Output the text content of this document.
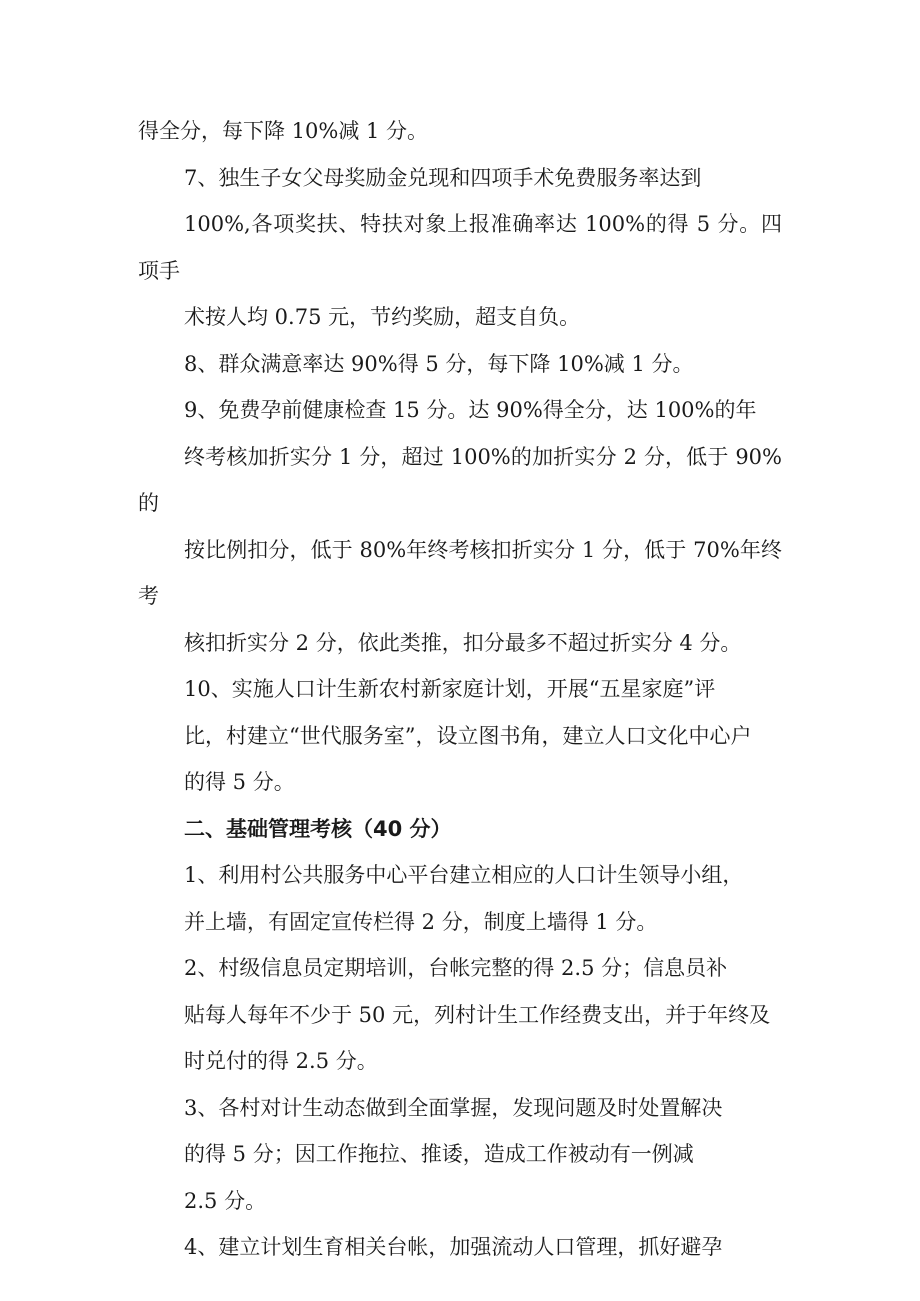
得全分，每下降 10%减 1 分。

7、独生子女父母奖励金兑现和四项手术免费服务率达到
100%,各项奖扶、特扶对象上报准确率达 100%的得 5 分。四项手
术按人均 0.75 元，节约奖励，超支自负。

8、群众满意率达 90%得 5 分，每下降 10%减 1 分。

9、免费孕前健康检查 15 分。达 90%得全分，达 100%的年
终考核加折实分 1 分，超过 100%的加折实分 2 分，低于 90%的
按比例扣分，低于 80%年终考核扣折实分 1 分，低于 70%年终考
核扣折实分 2 分，依此类推，扣分最多不超过折实分 4 分。

10、实施人口计生新农村新家庭计划，开展“五星家庭”评
比，村建立“世代服务室”，设立图书角，建立人口文化中心户
的得 5 分。

二、基础管理考核（40 分）

1、利用村公共服务中心平台建立相应的人口计生领导小组，
并上墙，有固定宣传栏得 2 分，制度上墙得 1 分。

2、村级信息员定期培训，台帐完整的得 2.5 分；信息员补
贴每人每年不少于 50 元，列村计生工作经费支出，并于年终及
时兑付的得 2.5 分。

3、各村对计生动态做到全面掌握，发现问题及时处置解决
的得 5 分；因工作拖拉、推诿，造成工作被动有一例减
2.5 分。

4、建立计划生育相关台帐，加强流动人口管理，抓好避孕
